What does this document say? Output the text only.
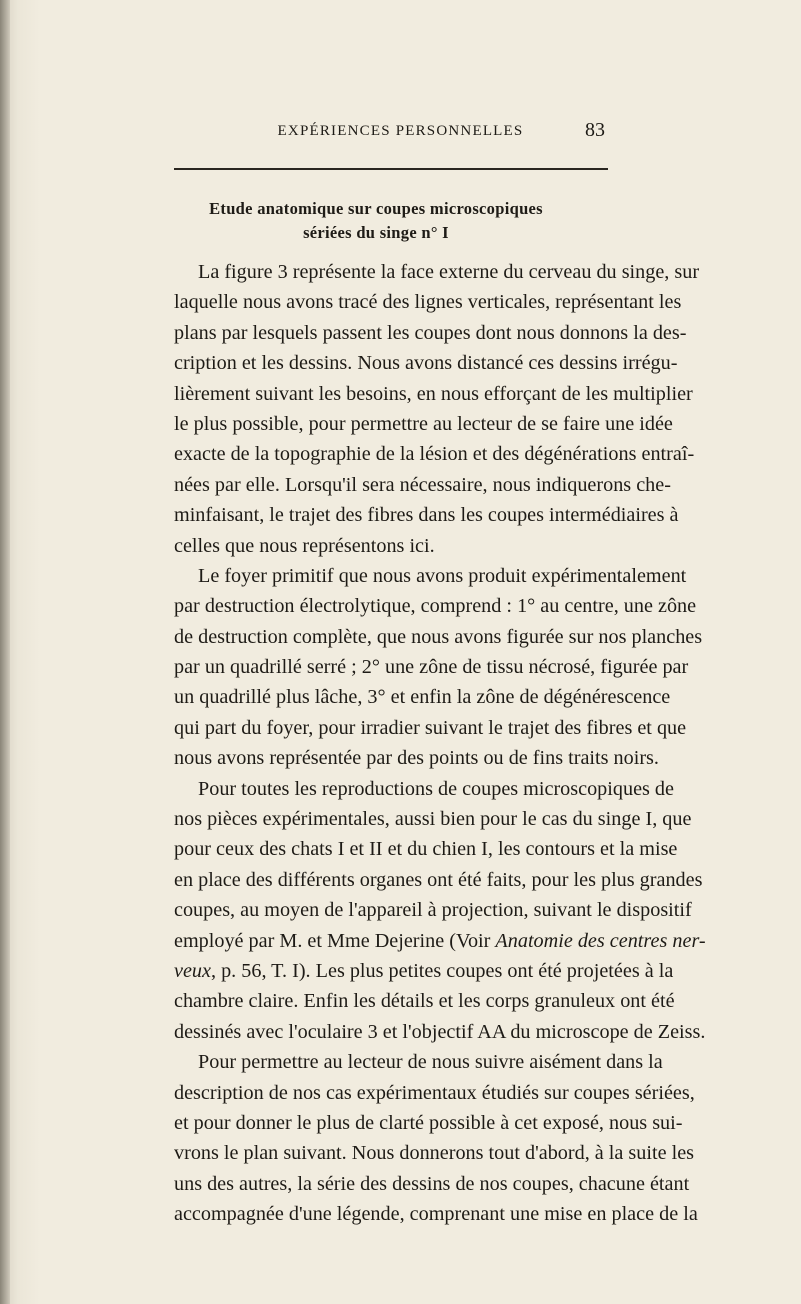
EXPÉRIENCES PERSONNELLES	83
Etude anatomique sur coupes microscopiques
sériées du singe n° I
La figure 3 représente la face externe du cerveau du singe, sur
laquelle nous avons tracé des lignes verticales, représentant les
plans par lesquels passent les coupes dont nous donnons la des-
cription et les dessins. Nous avons distancé ces dessins irrégu-
lièrement suivant les besoins, en nous efforçant de les multiplier
le plus possible, pour permettre au lecteur de se faire une idée
exacte de la topographie de la lésion et des dégénérations entraî-
nées par elle. Lorsqu'il sera nécessaire, nous indiquerons che-
minfaisant, le trajet des fibres dans les coupes intermédiaires à
celles que nous représentons ici.
Le foyer primitif que nous avons produit expérimentalement
par destruction électrolytique, comprend : 1° au centre, une zône
de destruction complète, que nous avons figurée sur nos planches
par un quadrillé serré ; 2° une zône de tissu nécrosé, figurée par
un quadrillé plus lâche, 3° et enfin la zône de dégénérescence
qui part du foyer, pour irradier suivant le trajet des fibres et que
nous avons représentée par des points ou de fins traits noirs.
Pour toutes les reproductions de coupes microscopiques de
nos pièces expérimentales, aussi bien pour le cas du singe I, que
pour ceux des chats I et II et du chien I, les contours et la mise
en place des différents organes ont été faits, pour les plus grandes
coupes, au moyen de l'appareil à projection, suivant le dispositif
employé par M. et Mme Dejerine (Voir Anatomie des centres ner-
veux, p. 56, T. I). Les plus petites coupes ont été projetées à la
chambre claire. Enfin les détails et les corps granuleux ont été
dessinés avec l'oculaire 3 et l'objectif AA du microscope de Zeiss.
Pour permettre au lecteur de nous suivre aisément dans la
description de nos cas expérimentaux étudiés sur coupes sériées,
et pour donner le plus de clarté possible à cet exposé, nous sui-
vrons le plan suivant. Nous donnerons tout d'abord, à la suite les
uns des autres, la série des dessins de nos coupes, chacune étant
accompagnée d'une légende, comprenant une mise en place de la
